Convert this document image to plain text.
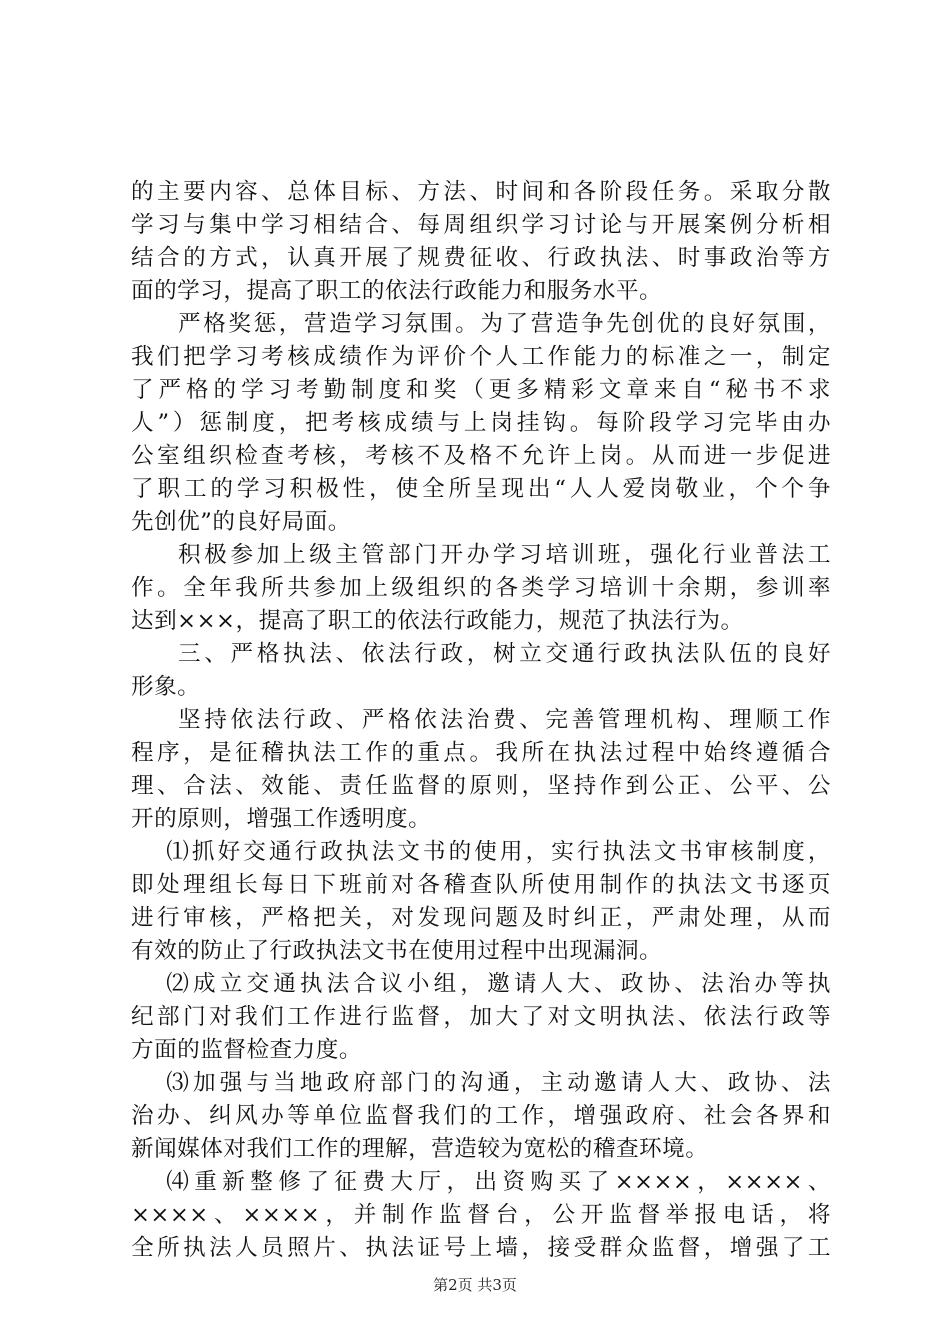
的主要内容、总体目标、方法、时间和各阶段任务。采取分散
学习与集中学习相结合、每周组织学习讨论与开展案例分析相
结合的方式，认真开展了规费征收、行政执法、时事政治等方
面的学习，提高了职工的依法行政能力和服务水平。
严格奖惩，营造学习氛围。为了营造争先创优的良好氛围，
我们把学习考核成绩作为评价个人工作能力的标准之一，制定
了严格的学习考勤制度和奖（更多精彩文章来自“秘书不求
人”）惩制度，把考核成绩与上岗挂钩。每阶段学习完毕由办
公室组织检查考核，考核不及格不允许上岗。从而进一步促进
了职工的学习积极性，使全所呈现出“人人爱岗敬业，个个争
先创优”的良好局面。
积极参加上级主管部门开办学习培训班，强化行业普法工
作。全年我所共参加上级组织的各类学习培训十余期，参训率
达到×××，提高了职工的依法行政能力，规范了执法行为。
三、严格执法、依法行政，树立交通行政执法队伍的良好
形象。
坚持依法行政、严格依法治费、完善管理机构、理顺工作
程序，是征稽执法工作的重点。我所在执法过程中始终遵循合
理、合法、效能、责任监督的原则，坚持作到公正、公平、公
开的原则，增强工作透明度。
⑴抓好交通行政执法文书的使用，实行执法文书审核制度，
即处理组长每日下班前对各稽查队所使用制作的执法文书逐页
进行审核，严格把关，对发现问题及时纠正，严肃处理，从而
有效的防止了行政执法文书在使用过程中出现漏洞。
⑵成立交通执法合议小组，邀请人大、政协、法治办等执
纪部门对我们工作进行监督，加大了对文明执法、依法行政等
方面的监督检查力度。
⑶加强与当地政府部门的沟通，主动邀请人大、政协、法
治办、纠风办等单位监督我们的工作，增强政府、社会各界和
新闻媒体对我们工作的理解，营造较为宽松的稽查环境。
⑷重新整修了征费大厅，出资购买了××××，××××、
××××、××××，并制作监督台，公开监督举报电话，将
全所执法人员照片、执法证号上墙，接受群众监督，增强了工
第2页 共3页
